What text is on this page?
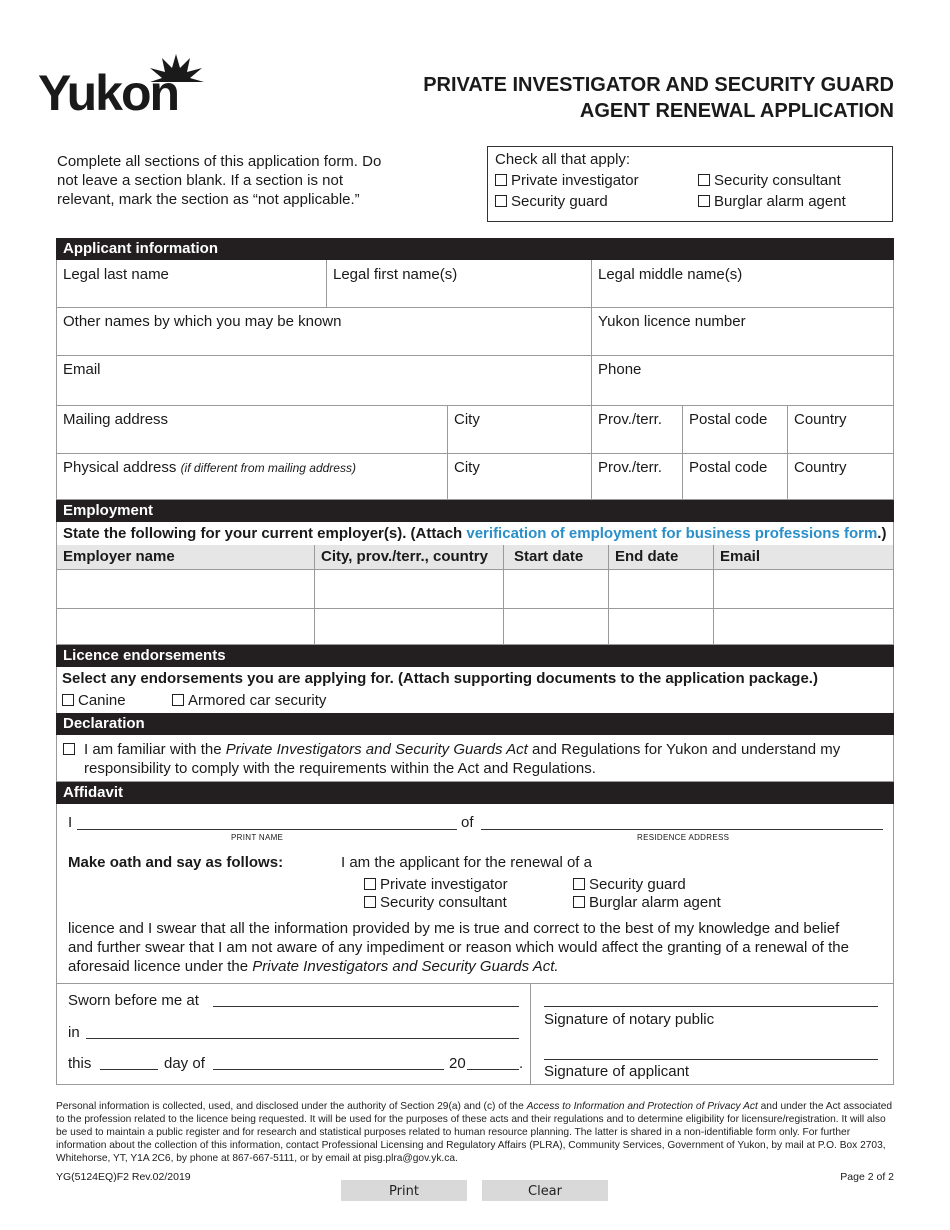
Yukon	PRIVATE INVESTIGATOR AND SECURITY GUARD
AGENT RENEWAL APPLICATION
Complete all sections of this application form. Do not leave a section blank. If a section is not relevant, mark the section as “not applicable.”
Check all that apply:
Private investigator	Security consultant
Security guard	Burglar alarm agent
Applicant information
Legal last name	Legal first name(s)	Legal middle name(s)
Other names by which you may be known	Yukon licence number
Email	Phone
Mailing address	City	Prov./terr.	Postal code	Country
Physical address (if different from mailing address)	City	Prov./terr.	Postal code	Country
Employment
State the following for your current employer(s). (Attach verification of employment for business professions form.)
Employer name	City, prov./terr., country	Start date	End date	Email
Licence endorsements
Select any endorsements you are applying for. (Attach supporting documents to the application package.)
Canine	Armored car security
Declaration
I am familiar with the Private Investigators and Security Guards Act and Regulations for Yukon and understand my
responsibility to comply with the requirements within the Act and Regulations.
Affidavit
I
PRINT NAME
of
RESIDENCE ADDRESS
Make oath and say as follows:	I am the applicant for the renewal of a
Private investigator	Security guard
Security consultant	Burglar alarm agent
licence and I swear that all the information provided by me is true and correct to the best of my knowledge and belief
and further swear that I am not aware of any impediment or reason which would affect the granting of a renewal of the
aforesaid licence under the Private Investigators and Security Guards Act.
Sworn before me at
in
this	day of	20	.
Signature of notary public
Signature of applicant
Personal information is collected, used, and disclosed under the authority of Section 29(a) and (c) of the Access to Information and Protection of Privacy Act and under the Act associated to the profession related to the licence being requested. It will be used for the purposes of these acts and their regulations and to determine eligibility for licensure/registration. It will also be used to maintain a public register and for research and statistical purposes related to human resource planning. The latter is shared in a non-identifiable form only. For further information about the collection of this information, contact Professional Licensing and Regulatory Affairs (PLRA), Community Services, Government of Yukon, by mail at P.O. Box 2703, Whitehorse, YT, Y1A 2C6, by phone at 867-667-5111, or by email at pisg.plra@gov.yk.ca.
YG(5124EQ)F2 Rev.02/2019	Page 2 of 2
Print	Clear
